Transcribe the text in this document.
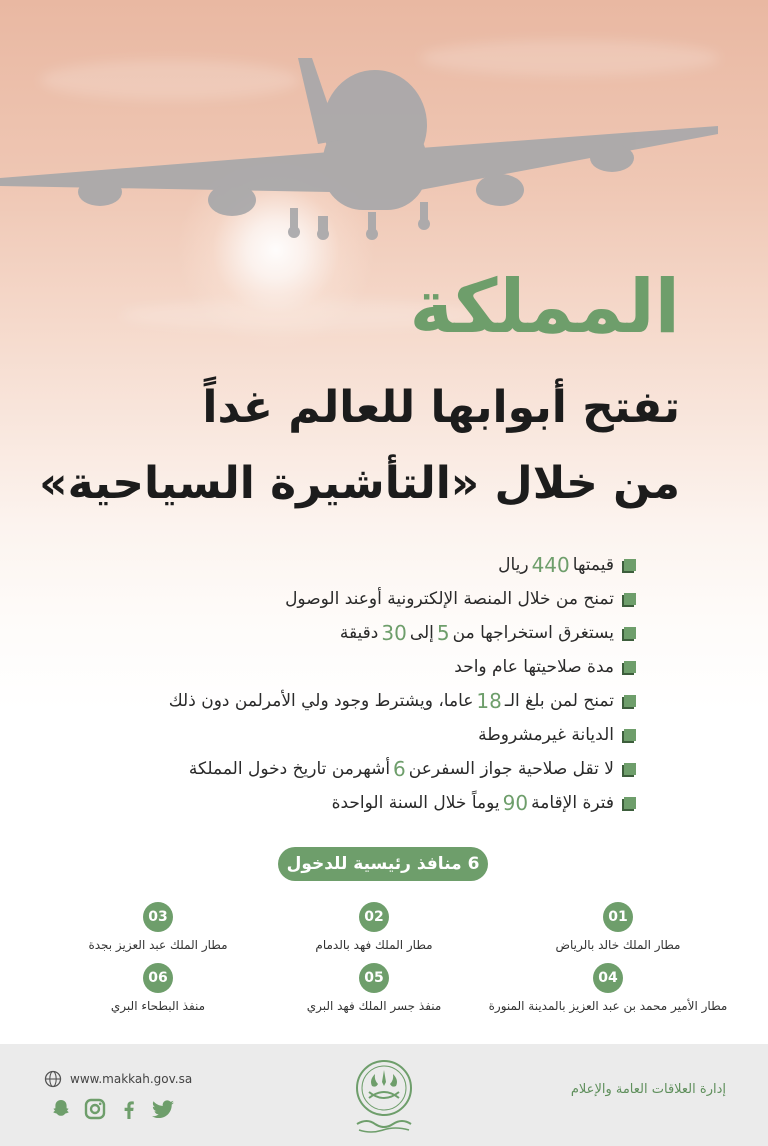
المملكة
تفتح أبوابها للعالم غداً
من خلال «التأشيرة السياحية»
قيمتها
440
ريال
تمنح من خلال المنصة الإلكترونية أوعند الوصول
يستغرق استخراجها من
5
إلى
30
دقيقة
مدة صلاحيتها عام واحد
تمنح لمن بلغ الـ
18
عاما، ويشترط وجود ولي الأمرلمن دون ذلك
الديانة غيرمشروطة
لا تقل صلاحية جواز السفرعن
6
أشهرمن تاريخ دخول المملكة
فترة الإقامة
90
يوماً خلال السنة الواحدة
6 منافذ رئيسية للدخول
01
مطار الملك خالد بالرياض
02
مطار الملك فهد بالدمام
03
مطار الملك عبد العزيز بجدة
04
مطار الأمير محمد بن عبد العزيز بالمدينة المنورة
05
منفذ جسر الملك فهد البري
06
منفذ البطحاء البري
www.makkah.gov.sa
إدارة العلاقات العامة والإعلام
